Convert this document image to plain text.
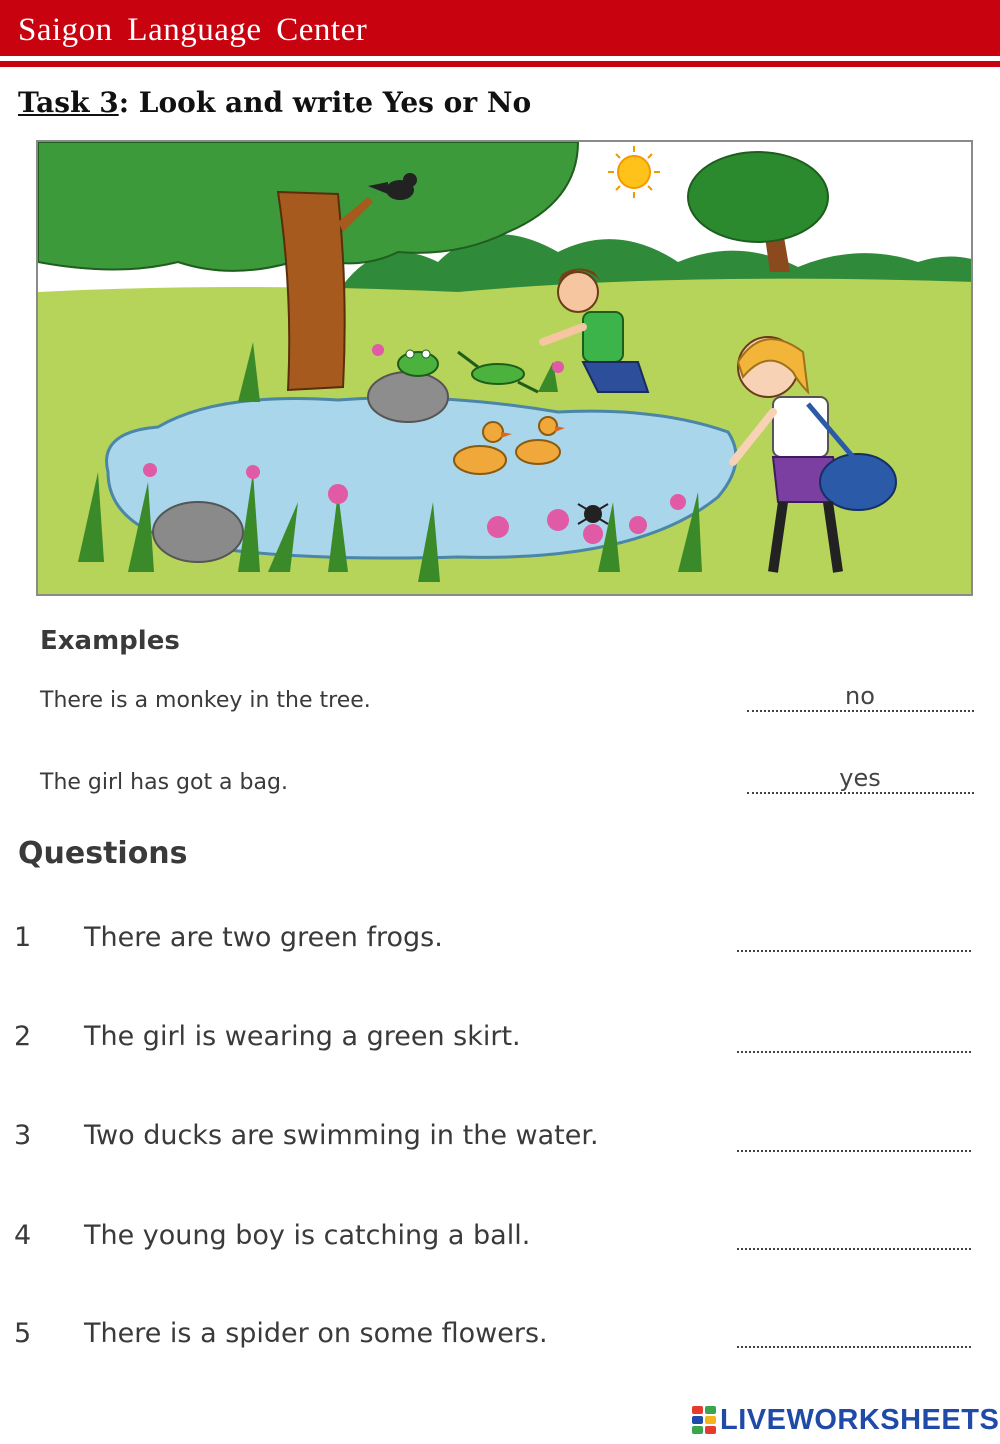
Saigon Language Center
Task 3: Look and write Yes or No
Examples
There is a monkey in the tree.	no
The girl has got a bag.	yes
Questions
1 There are two green frogs.
2 The girl is wearing a green skirt.
3 Two ducks are swimming in the water.
4 The young boy is catching a ball.
5 There is a spider on some flowers.
LIVEWORKSHEETS
